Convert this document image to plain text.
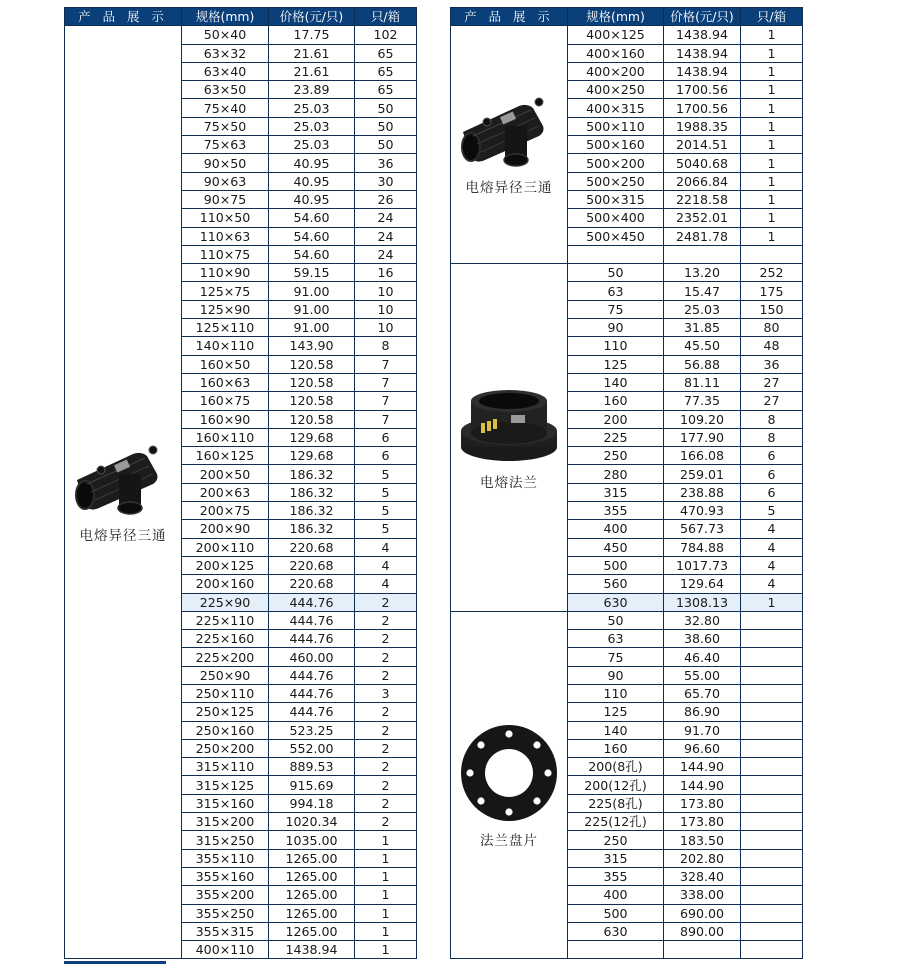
产 品 展 示	规格(mm)	价格(元/只)	只/箱

电熔异径三通	50×40	17.75	102
	63×32	21.61	65
	63×40	21.61	65
	63×50	23.89	65
	75×40	25.03	50
	75×50	25.03	50
	75×63	25.03	50
	90×50	40.95	36
	90×63	40.95	30
	90×75	40.95	26
	110×50	54.60	24
	110×63	54.60	24
	110×75	54.60	24
	110×90	59.15	16
	125×75	91.00	10
	125×90	91.00	10
	125×110	91.00	10
	140×110	143.90	8
	160×50	120.58	7
	160×63	120.58	7
	160×75	120.58	7
	160×90	120.58	7
	160×110	129.68	6
	160×125	129.68	6
	200×50	186.32	5
	200×63	186.32	5
	200×75	186.32	5
	200×90	186.32	5
	200×110	220.68	4
	200×125	220.68	4
	200×160	220.68	4
	225×90	444.76	2
	225×110	444.76	2
	225×160	444.76	2
	225×200	460.00	2
	250×90	444.76	2
	250×110	444.76	3
	250×125	444.76	2
	250×160	523.25	2
	250×200	552.00	2
	315×110	889.53	2
	315×125	915.69	2
	315×160	994.18	2
	315×200	1020.34	2
	315×250	1035.00	1
	355×110	1265.00	1
	355×160	1265.00	1
	355×200	1265.00	1
	355×250	1265.00	1
	355×315	1265.00	1
	400×110	1438.94	1
产 品 展 示	规格(mm)	价格(元/只)	只/箱

电熔异径三通	400×125	1438.94	1
	400×160	1438.94	1
	400×200	1438.94	1
	400×250	1700.56	1
	400×315	1700.56	1
	500×110	1988.35	1
	500×160	2014.51	1
	500×200	5040.68	1
	500×250	2066.84	1
	500×315	2218.58	1
	500×400	2352.01	1
	500×450	2481.78	1

电熔法兰	50	13.20	252
	63	15.47	175
	75	25.03	150
	90	31.85	80
	110	45.50	48
	125	56.88	36
	140	81.11	27
	160	77.35	27
	200	109.20	8
	225	177.90	8
	250	166.08	6
	280	259.01	6
	315	238.88	6
	355	470.93	5
	400	567.73	4
	450	784.88	4
	500	1017.73	4
	560	129.64	4
	630	1308.13	1

法兰盘片	50	32.80	
	63	38.60	
	75	46.40	
	90	55.00	
	110	65.70	
	125	86.90	
	140	91.70	
	160	96.60	
	200(8孔)	144.90	
	200(12孔)	144.90	
	225(8孔)	173.80	
	225(12孔)	173.80	
	250	183.50	
	315	202.80	
	355	328.40	
	400	338.00	
	500	690.00	
	630	890.00	
